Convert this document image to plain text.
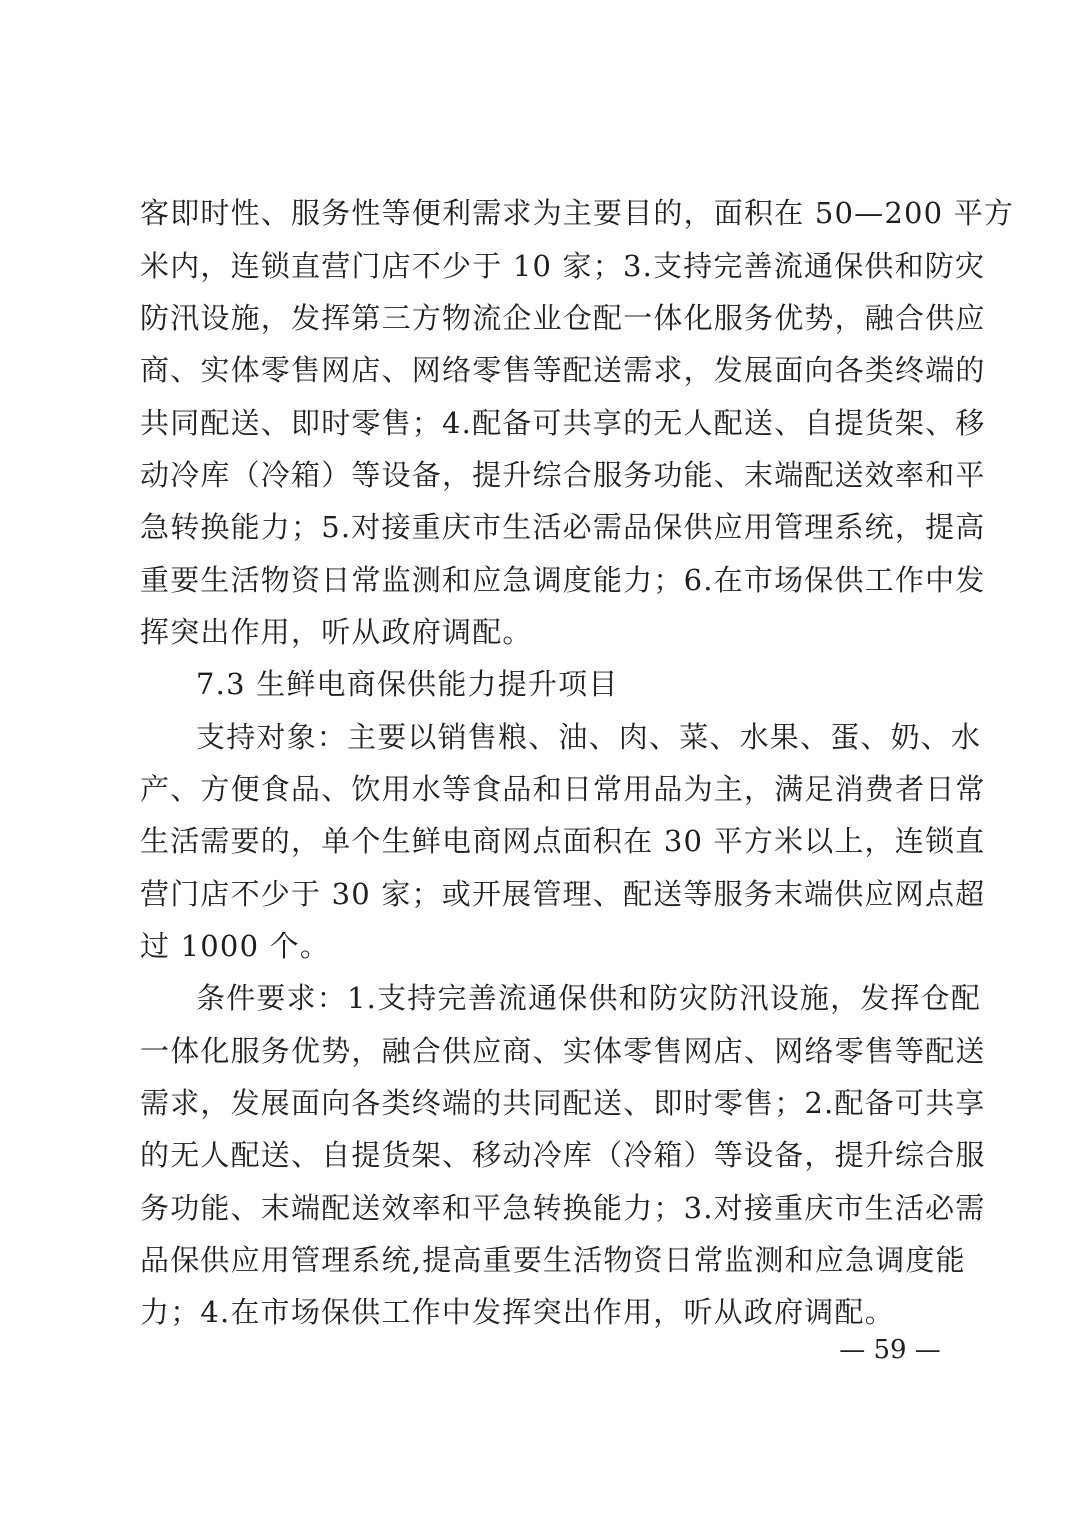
客即时性、服务性等便利需求为主要目的，面积在 50—200 平方
米内，连锁直营门店不少于 10 家；3.支持完善流通保供和防灾
防汛设施，发挥第三方物流企业仓配一体化服务优势，融合供应
商、实体零售网店、网络零售等配送需求，发展面向各类终端的
共同配送、即时零售；4.配备可共享的无人配送、自提货架、移
动冷库（冷箱）等设备，提升综合服务功能、末端配送效率和平
急转换能力；5.对接重庆市生活必需品保供应用管理系统，提高
重要生活物资日常监测和应急调度能力；6.在市场保供工作中发
挥突出作用，听从政府调配。
7.3 生鲜电商保供能力提升项目
支持对象：主要以销售粮、油、肉、菜、水果、蛋、奶、水
产、方便食品、饮用水等食品和日常用品为主，满足消费者日常
生活需要的，单个生鲜电商网点面积在 30 平方米以上，连锁直
营门店不少于 30 家；或开展管理、配送等服务末端供应网点超
过 1000 个。
条件要求：1.支持完善流通保供和防灾防汛设施，发挥仓配
一体化服务优势，融合供应商、实体零售网店、网络零售等配送
需求，发展面向各类终端的共同配送、即时零售；2.配备可共享
的无人配送、自提货架、移动冷库（冷箱）等设备，提升综合服
务功能、末端配送效率和平急转换能力；3.对接重庆市生活必需
品保供应用管理系统,提高重要生活物资日常监测和应急调度能
力；4.在市场保供工作中发挥突出作用，听从政府调配。
— 59 —
